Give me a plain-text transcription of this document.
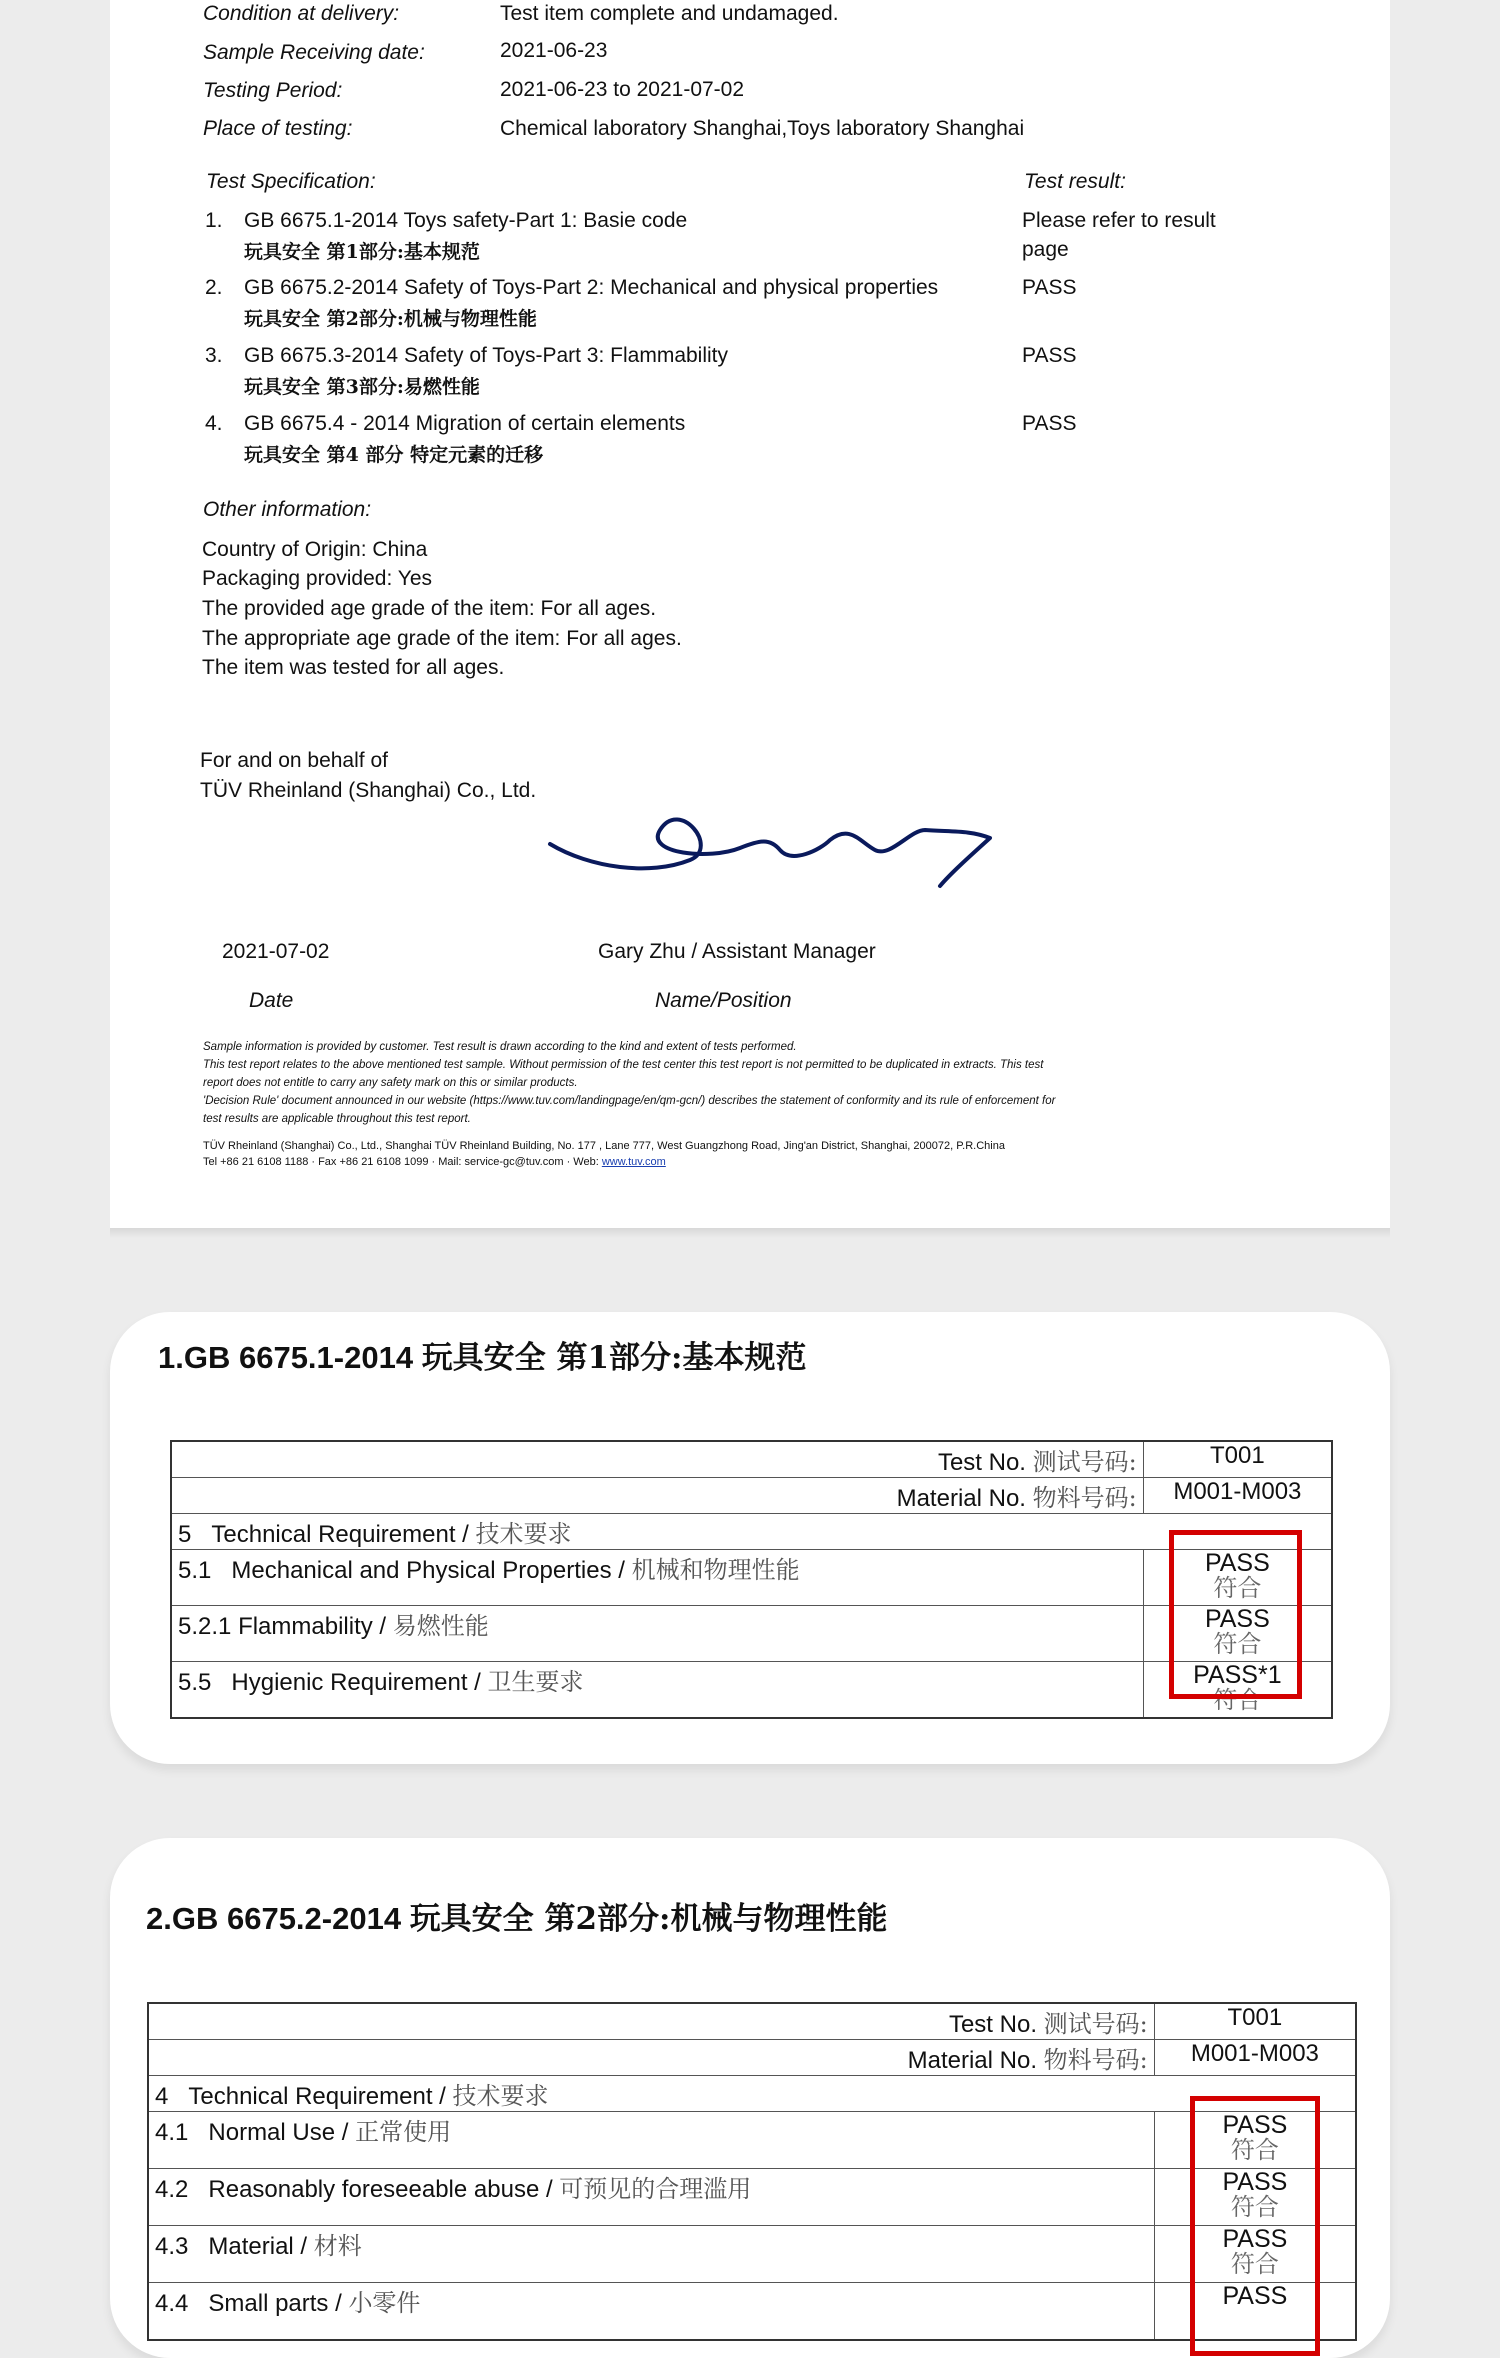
Condition at delivery:	Test item complete and undamaged.
Sample Receiving date:	2021-06-23
Testing Period:	2021-06-23 to 2021-07-02
Place of testing:	Chemical laboratory Shanghai,Toys laboratory Shanghai
Test Specification:	Test result:
1. GB 6675.1-2014 Toys safety-Part 1: Basie code
玩具安全 第1部分:基本规范
Please refer to result
page
2. GB 6675.2-2014 Safety of Toys-Part 2: Mechanical and physical properties
玩具安全 第2部分:机械与物理性能
PASS
3. GB 6675.3-2014 Safety of Toys-Part 3: Flammability
玩具安全 第3部分:易燃性能
PASS
4. GB 6675.4 - 2014 Migration of certain elements
玩具安全 第4 部分 特定元素的迁移
PASS
Other information:
Country of Origin: China
Packaging provided: Yes
The provided age grade of the item: For all ages.
The appropriate age grade of the item: For all ages.
The item was tested for all ages.
For and on behalf of
TÜV Rheinland (Shanghai) Co., Ltd.
2021-07-02	Gary Zhu / Assistant Manager
Date	Name/Position
Sample information is provided by customer. Test result is drawn according to the kind and extent of tests performed.
This test report relates to the above mentioned test sample. Without permission of the test center this test report is not permitted to be duplicated in extracts. This test
report does not entitle to carry any safety mark on this or similar products.
'Decision Rule' document announced in our website (https://www.tuv.com/landingpage/en/qm-gcn/) describes the statement of conformity and its rule of enforcement for
test results are applicable throughout this test report.
TÜV Rheinland (Shanghai) Co., Ltd., Shanghai TÜV Rheinland Building, No. 177 , Lane 777, West Guangzhong Road, Jing'an District, Shanghai, 200072, P.R.China
Tel +86 21 6108 1188 · Fax +86 21 6108 1099 · Mail: service-gc@tuv.com · Web: www.tuv.com
1.GB 6675.1-2014 玩具安全 第1部分:基本规范
Test No. 测试号码:	T001
Material No. 物料号码:	M001-M003
5 Technical Requirement / 技术要求	
5.1 Mechanical and Physical Properties / 机械和物理性能	PASS
符合

5.2.1 Flammability / 易燃性能	PASS
符合

5.5 Hygienic Requirement / 卫生要求	PASS*1
符合
2.GB 6675.2-2014 玩具安全 第2部分:机械与物理性能
Test No. 测试号码:	T001
Material No. 物料号码:	M001-M003
4 Technical Requirement / 技术要求	
4.1 Normal Use / 正常使用	PASS
符合

4.2 Reasonably foreseeable abuse / 可预见的合理滥用	PASS
符合

4.3 Material / 材料	PASS
符合

4.4 Small parts / 小零件	PASS
